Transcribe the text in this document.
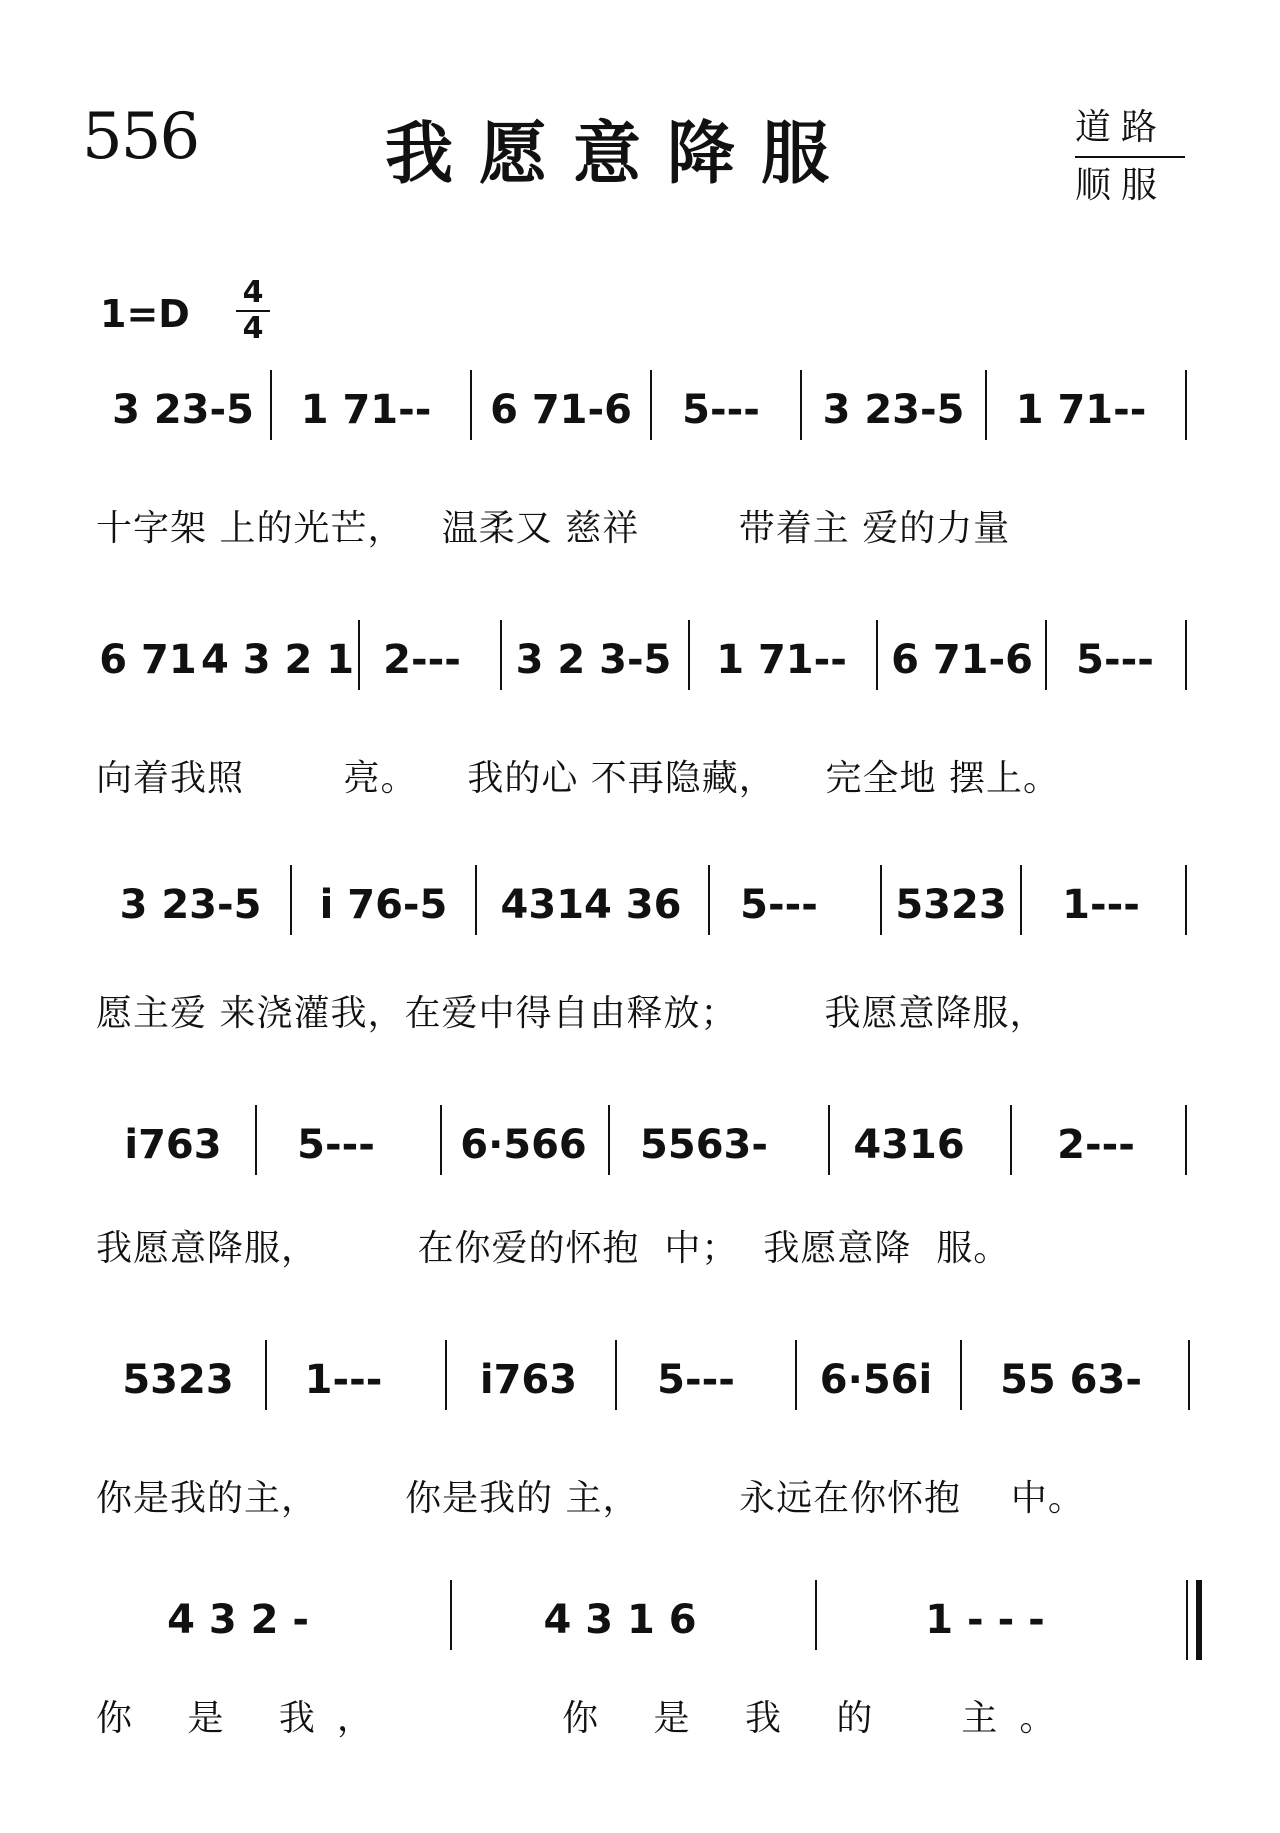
556	我愿意降服	道路
顺服
1=D 4
4
3 23-5	1 71--	6 71-6	5---	3 23-5	1 71--
十字架 上的光芒，   温柔又 慈祥        带着主 爱的力量
6 71 4 3 2 1 2---	3 2 3-5	1 71--	6 71-6	5---
向着我照        亮。    我的心 不再隐藏，    完全地 摆上。
3 23-5	i 76-5	4314 36	5---	5323	1---
愿主爱 来浇灌我，在爱中得自由释放；       我愿意降服，
i763	5---	6·566	5563-	4316	2---
我愿意降服，        在你爱的怀抱  中；  我愿意降  服。
5323	1---	i763	5---	6·56i	55 63-
你是我的主，       你是我的 主，        永远在你怀抱    中。
4 3 2 -	4 3 1 6	1 - - -
你 是 我，     你 是 我 的  主。
